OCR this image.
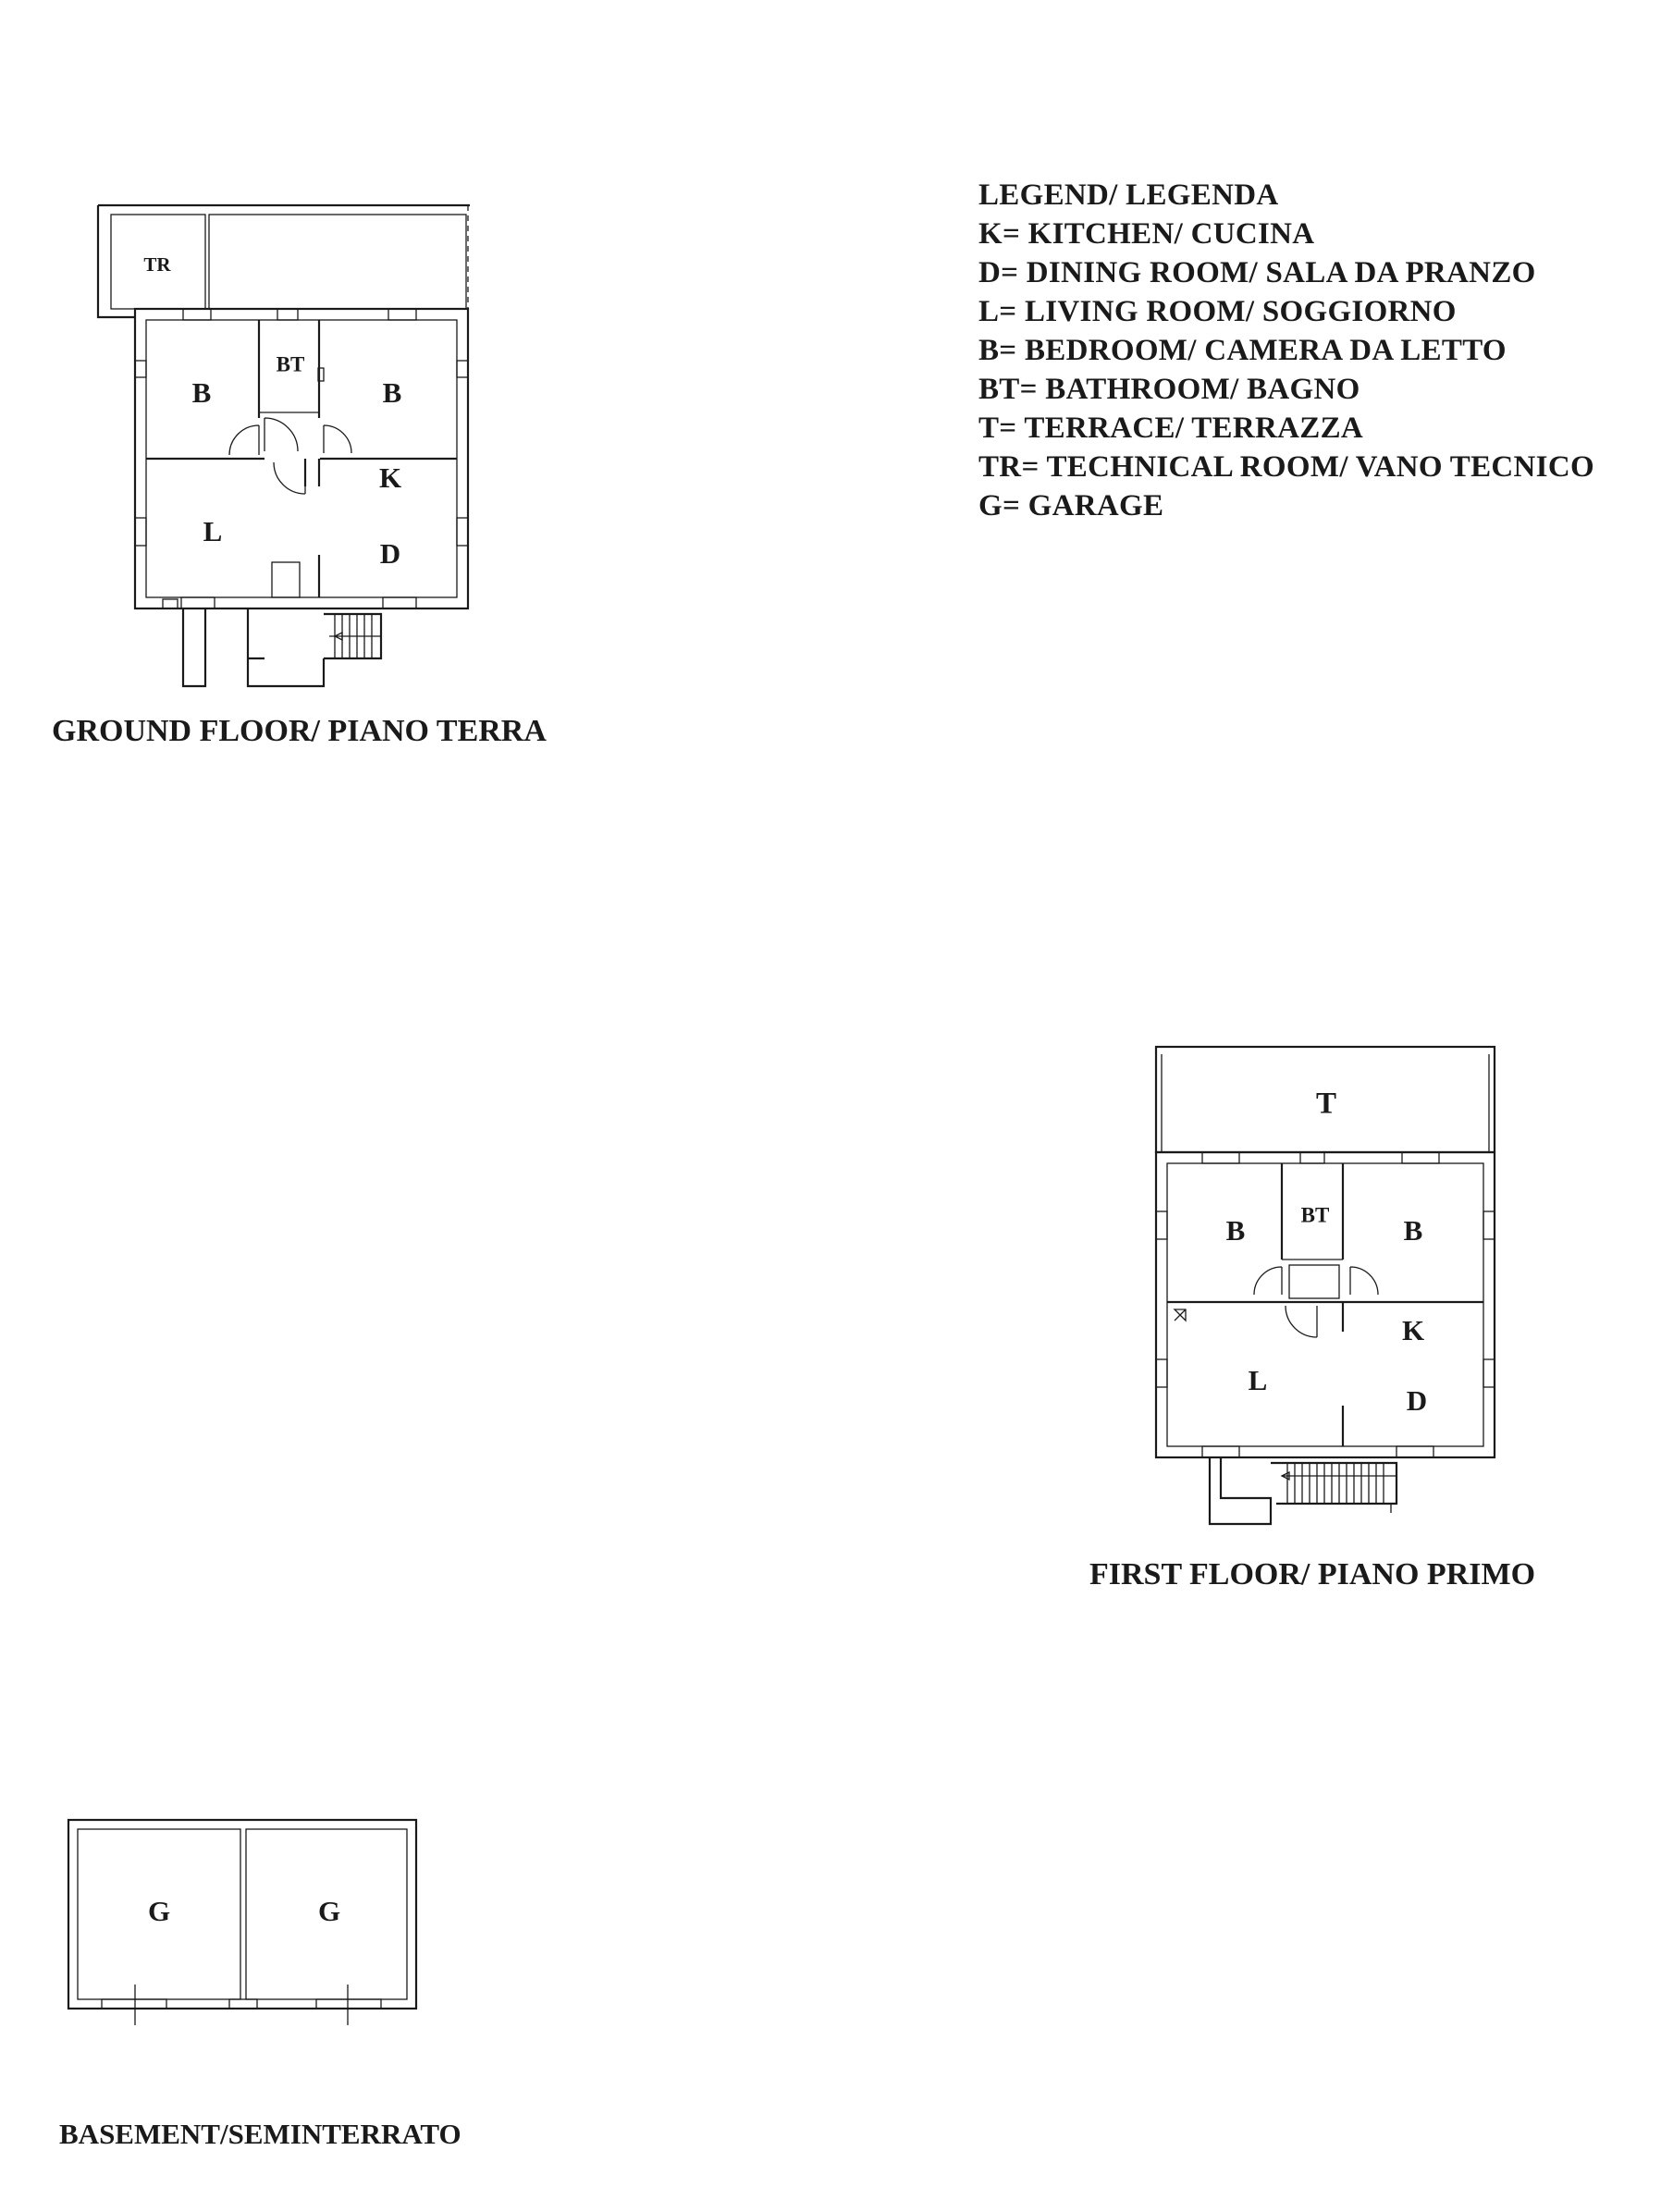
LEGEND/ LEGENDA
K= KITCHEN/ CUCINA
D= DINING ROOM/ SALA DA PRANZO
L= LIVING ROOM/ SOGGIORNO
B= BEDROOM/ CAMERA DA LETTO
BT= BATHROOM/ BAGNO
T= TERRACE/ TERRAZZA
TR= TECHNICAL ROOM/ VANO TECNICO
G= GARAGE
TR
B
BT
B
K
L
D
T
B	BT	B
K
L
D
G	G
GROUND FLOOR/ PIANO TERRA
FIRST FLOOR/ PIANO PRIMO
BASEMENT/SEMINTERRATO
